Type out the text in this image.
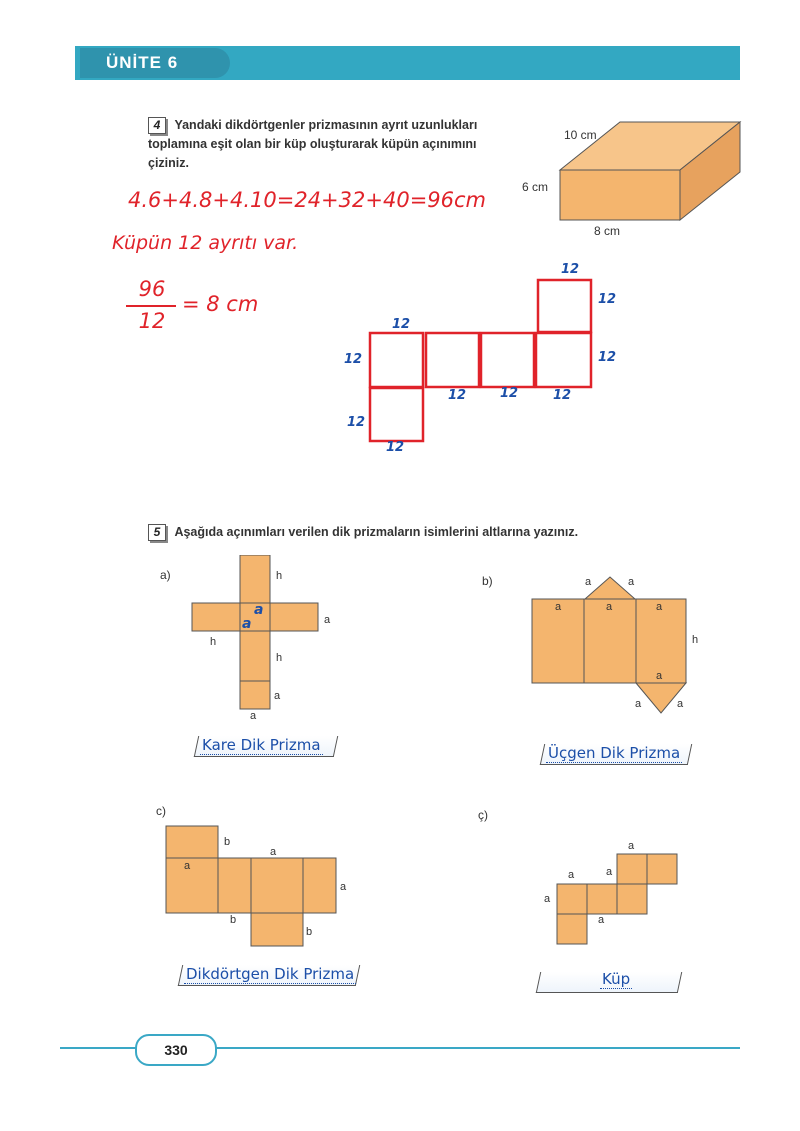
ÜNİTE 6
4 Yandaki dikdörtgenler prizmasının ayrıt uzunlukları toplamına eşit olan bir küp oluşturarak küpün açınımını çiziniz.
10 cm
6 cm
8 cm
4.6+4.8+4.10=24+32+40=96cm
Küpün 12 ayrıtı var.
96
12
= 8 cm
12
12
12
12	12
12	12	12
12
12
5 Aşağıda açınımları verilen dik prizmaların isimlerini altlarına yazınız.
a)	h
a
h
h
a
a
a
a
Kare Dik Prizma
b)	a	a
a	a	a
h
a
a	a
Üçgen Dik Prizma
c)
b
a
a
a
b
b
Dikdörtgen Dik Prizma
ç)
a
a	a
a
a
Küp
330
